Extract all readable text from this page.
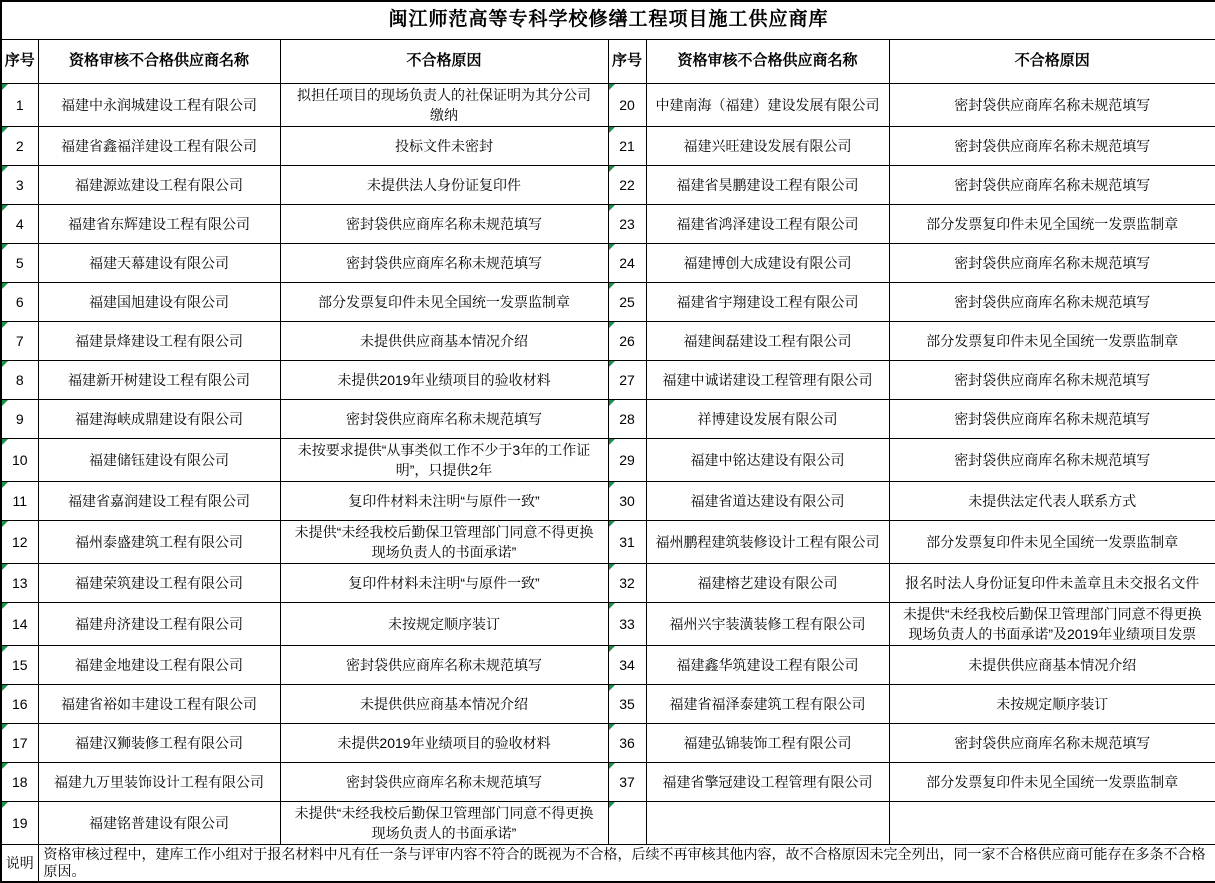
闽江师范高等专科学校修缮工程项目施工供应商库					
序号	资格审核不合格供应商名称	不合格原因	序号	资格审核不合格供应商名称	不合格原因

1	福建中永润城建设工程有限公司	拟担任项目的现场负责人的社保证明为其分公司缴纳	20	中建南海（福建）建设发展有限公司	密封袋供应商库名称未规范填写

2	福建省鑫福洋建设工程有限公司	投标文件未密封	21	福建兴旺建设发展有限公司	密封袋供应商库名称未规范填写

3	福建源竑建设工程有限公司	未提供法人身份证复印件	22	福建省昊鹏建设工程有限公司	密封袋供应商库名称未规范填写

4	福建省东辉建设工程有限公司	密封袋供应商库名称未规范填写	23	福建省鸿泽建设工程有限公司	部分发票复印件未见全国统一发票监制章

5	福建天幕建设有限公司	密封袋供应商库名称未规范填写	24	福建博创大成建设有限公司	密封袋供应商库名称未规范填写

6	福建国旭建设有限公司	部分发票复印件未见全国统一发票监制章	25	福建省宇翔建设工程有限公司	密封袋供应商库名称未规范填写

7	福建景烽建设工程有限公司	未提供供应商基本情况介绍	26	福建闽磊建设工程有限公司	部分发票复印件未见全国统一发票监制章

8	福建新开树建设工程有限公司	未提供2019年业绩项目的验收材料	27	福建中诚诺建设工程管理有限公司	密封袋供应商库名称未规范填写

9	福建海峡成鼎建设有限公司	密封袋供应商库名称未规范填写	28	祥博建设发展有限公司	密封袋供应商库名称未规范填写

10	福建储钰建设有限公司	未按要求提供“从事类似工作不少于3年的工作证明”，只提供2年	29	福建中铭达建设有限公司	密封袋供应商库名称未规范填写

11	福建省嘉润建设工程有限公司	复印件材料未注明“与原件一致”	30	福建省道达建设有限公司	未提供法定代表人联系方式

12	福州泰盛建筑工程有限公司	未提供“未经我校后勤保卫管理部门同意不得更换现场负责人的书面承诺”	31	福州鹏程建筑装修设计工程有限公司	部分发票复印件未见全国统一发票监制章

13	福建荣筑建设工程有限公司	复印件材料未注明“与原件一致”	32	福建榕艺建设有限公司	报名时法人身份证复印件未盖章且未交报名文件

14	福建舟济建设工程有限公司	未按规定顺序装订	33	福州兴宇装潢装修工程有限公司	未提供“未经我校后勤保卫管理部门同意不得更换现场负责人的书面承诺”及2019年业绩项目发票

15	福建金地建设工程有限公司	密封袋供应商库名称未规范填写	34	福建鑫华筑建设工程有限公司	未提供供应商基本情况介绍

16	福建省裕如丰建设工程有限公司	未提供供应商基本情况介绍	35	福建省福泽泰建筑工程有限公司	未按规定顺序装订

17	福建汉狮装修工程有限公司	未提供2019年业绩项目的验收材料	36	福建弘锦装饰工程有限公司	密封袋供应商库名称未规范填写

18	福建九万里装饰设计工程有限公司	密封袋供应商库名称未规范填写	37	福建省擎冠建设工程管理有限公司	部分发票复印件未见全国统一发票监制章

19	福建铭普建设有限公司	未提供“未经我校后勤保卫管理部门同意不得更换现场负责人的书面承诺”	

说明	资格审核过程中，建库工作小组对于报名材料中凡有任一条与评审内容不符合的既视为不合格，后续不再审核其他内容，故不合格原因未完全列出，同一家不合格供应商可能存在多条不合格原因。				
